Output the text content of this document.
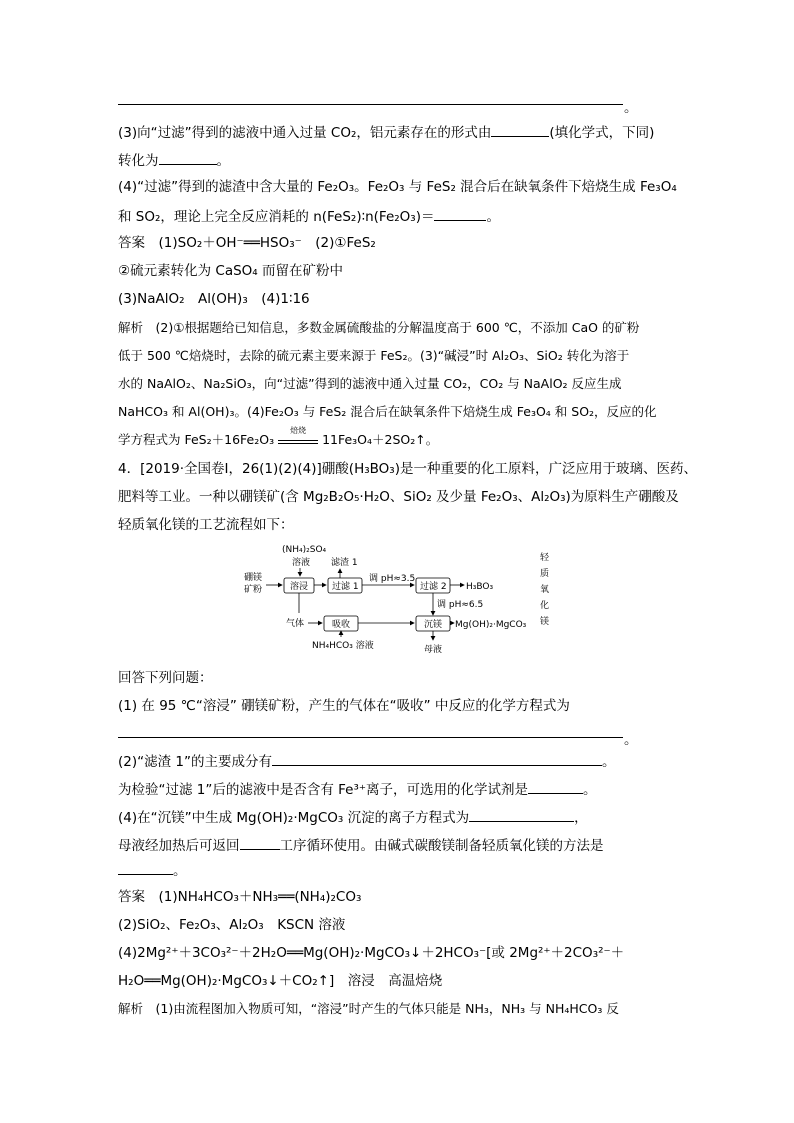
。
(3)向“过滤”得到的滤液中通入过量 CO₂，铝元素存在的形式由	(填化学式，下同)
转化为	。
(4)“过滤”得到的滤渣中含大量的 Fe₂O₃。Fe₂O₃ 与 FeS₂ 混合后在缺氧条件下焙烧生成 Fe₃O₄
和 SO₂，理论上完全反应消耗的 n(FeS₂)∶n(Fe₂O₃)＝	。
答案　(1)SO₂＋OH⁻══HSO₃⁻　(2)①FeS₂
②硫元素转化为 CaSO₄ 而留在矿粉中
(3)NaAlO₂　Al(OH)₃　(4)1∶16
解析　(2)①根据题给已知信息，多数金属硫酸盐的分解温度高于 600 ℃，不添加 CaO 的矿粉
低于 500 ℃焙烧时，去除的硫元素主要来源于 FeS₂。(3)“碱浸”时 Al₂O₃、SiO₂ 转化为溶于
水的 NaAlO₂、Na₂SiO₃，向“过滤”得到的滤液中通入过量 CO₂，CO₂ 与 NaAlO₂ 反应生成
NaHCO₃ 和 Al(OH)₃。(4)Fe₂O₃ 与 FeS₂ 混合后在缺氧条件下焙烧生成 Fe₃O₄ 和 SO₂，反应的化
学方程式为 FeS₂＋16Fe₂O₃
焙烧
11Fe₃O₄＋2SO₂↑。
4．[2019·全国卷Ⅰ，26(1)(2)(4)]硼酸(H₃BO₃)是一种重要的化工原料，广泛应用于玻璃、医药、
肥料等工业。一种以硼镁矿(含 Mg₂B₂O₅·H₂O、SiO₂ 及少量 Fe₂O₃、Al₂O₃)为原料生产硼酸及
轻质氧化镁的工艺流程如下：
(NH₄)₂SO₄
溶液 滤渣 1
硼镁
矿粉	溶浸	过滤 1
调 pH≈3.5
过滤 2 H₃BO₃
调 pH≈6.5
气体	吸收
NH₄HCO₃ 溶液
沉镁 Mg(OH)₂·MgCO₃
母液
轻
质
氧
化
镁
回答下列问题：
(1) 在 95 ℃“溶浸” 硼镁矿粉，产生的气体在“吸收” 中反应的化学方程式为
。
(2)“滤渣 1”的主要成分有	。
为检验“过滤 1”后的滤液中是否含有 Fe³⁺离子，可选用的化学试剂是	。
(4)在“沉镁”中生成 Mg(OH)₂·MgCO₃ 沉淀的离子方程式为	，
母液经加热后可返回	工序循环使用。由碱式碳酸镁制备轻质氧化镁的方法是
。
答案　(1)NH₄HCO₃＋NH₃══(NH₄)₂CO₃
(2)SiO₂、Fe₂O₃、Al₂O₃　KSCN 溶液
(4)2Mg²⁺＋3CO₃²⁻＋2H₂O══Mg(OH)₂·MgCO₃↓＋2HCO₃⁻[或 2Mg²⁺＋2CO₃²⁻＋
H₂O══Mg(OH)₂·MgCO₃↓＋CO₂↑]　溶浸　高温焙烧
解析　(1)由流程图加入物质可知，“溶浸”时产生的气体只能是 NH₃，NH₃ 与 NH₄HCO₃ 反
